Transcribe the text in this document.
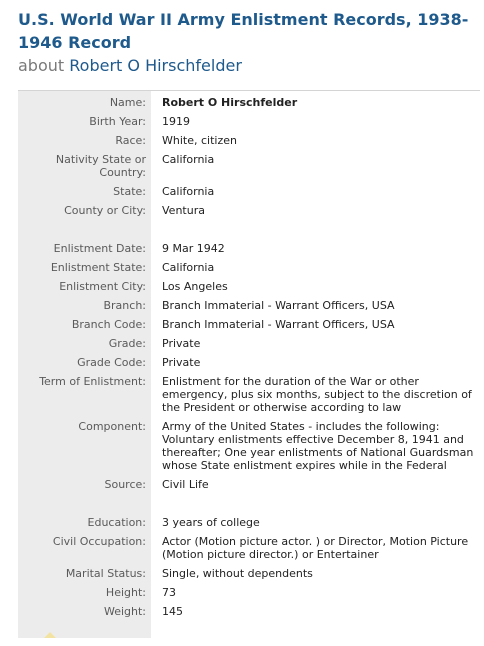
U.S. World War II Army Enlistment Records, 1938-1946 Record

about Robert O Hirschfelder

Name: Robert O Hirschfelder
Birth Year: 1919
Race: White, citizen
Nativity State or Country:
California
State: California
County or City: Ventura
Enlistment Date: 9 Mar 1942
Enlistment State: California
Enlistment City: Los Angeles
Branch: Branch Immaterial - Warrant Officers, USA
Branch Code: Branch Immaterial - Warrant Officers, USA
Grade: Private
Grade Code: Private
Term of Enlistment: Enlistment for the duration of the War or other emergency, plus six months, subject to the discretion of the President or otherwise according to law
Component: Army of the United States - includes the following: Voluntary enlistments effective December 8, 1941 and thereafter; One year enlistments of National Guardsman whose State enlistment expires while in the Federal
Source: Civil Life
Education: 3 years of college
Civil Occupation: Actor (Motion picture actor. ) or Director, Motion Picture (Motion picture director.) or Entertainer
Marital Status: Single, without dependents
Height: 73
Weight: 145
